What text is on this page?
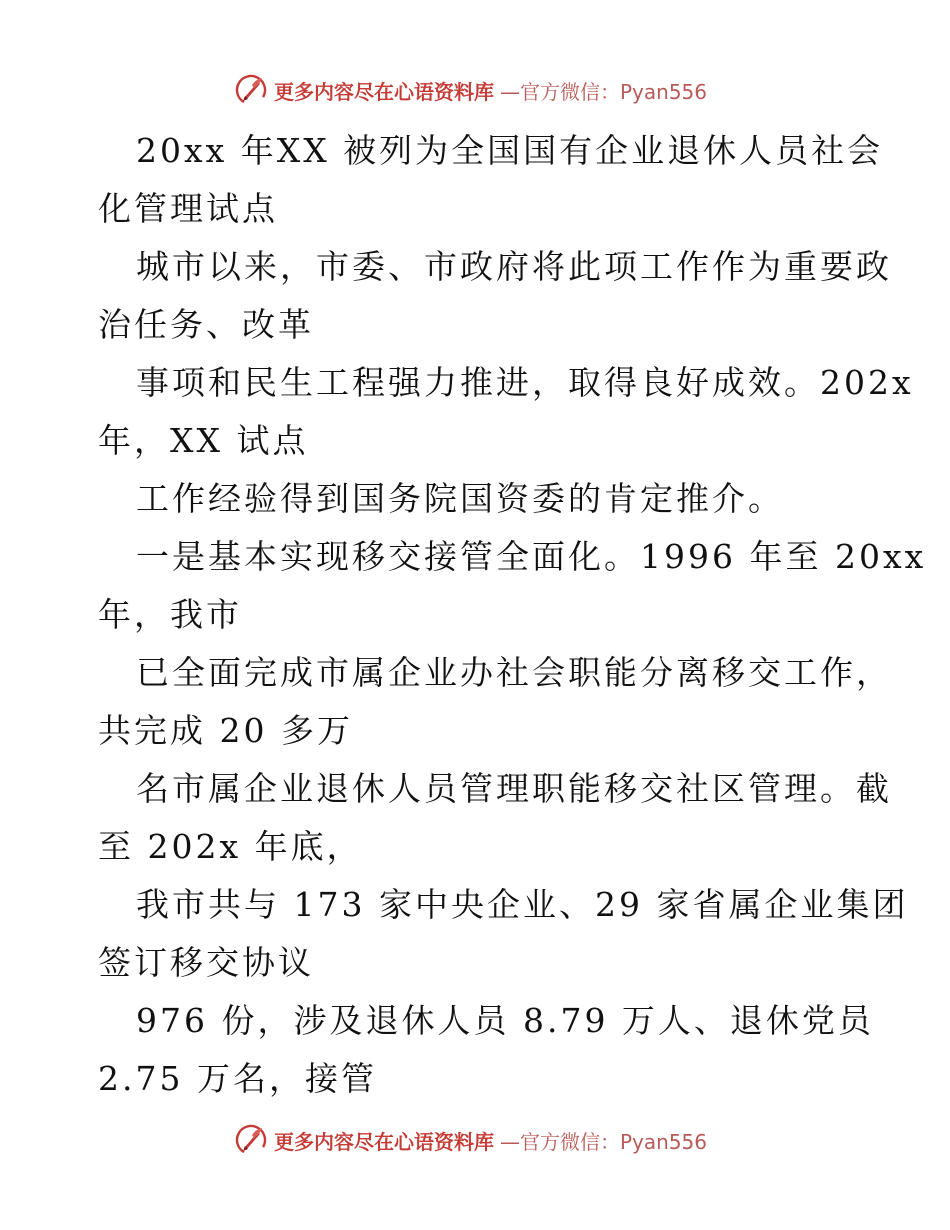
更多内容尽在心语资料库 —官方微信：Pyan556
20xx 年XX 被列为全国国有企业退休人员社会
化管理试点
城市以来，市委、市政府将此项工作作为重要政
治任务、改革
事项和民生工程强力推进，取得良好成效。202x
年，XX 试点
工作经验得到国务院国资委的肯定推介。
一是基本实现移交接管全面化。1996 年至 20xx
年，我市
已全面完成市属企业办社会职能分离移交工作，
共完成 20 多万
名市属企业退休人员管理职能移交社区管理。截
至 202x 年底，
我市共与 173 家中央企业、29 家省属企业集团
签订移交协议
976 份，涉及退休人员 8.79 万人、退休党员
2.75 万名，接管
更多内容尽在心语资料库 —官方微信：Pyan556
